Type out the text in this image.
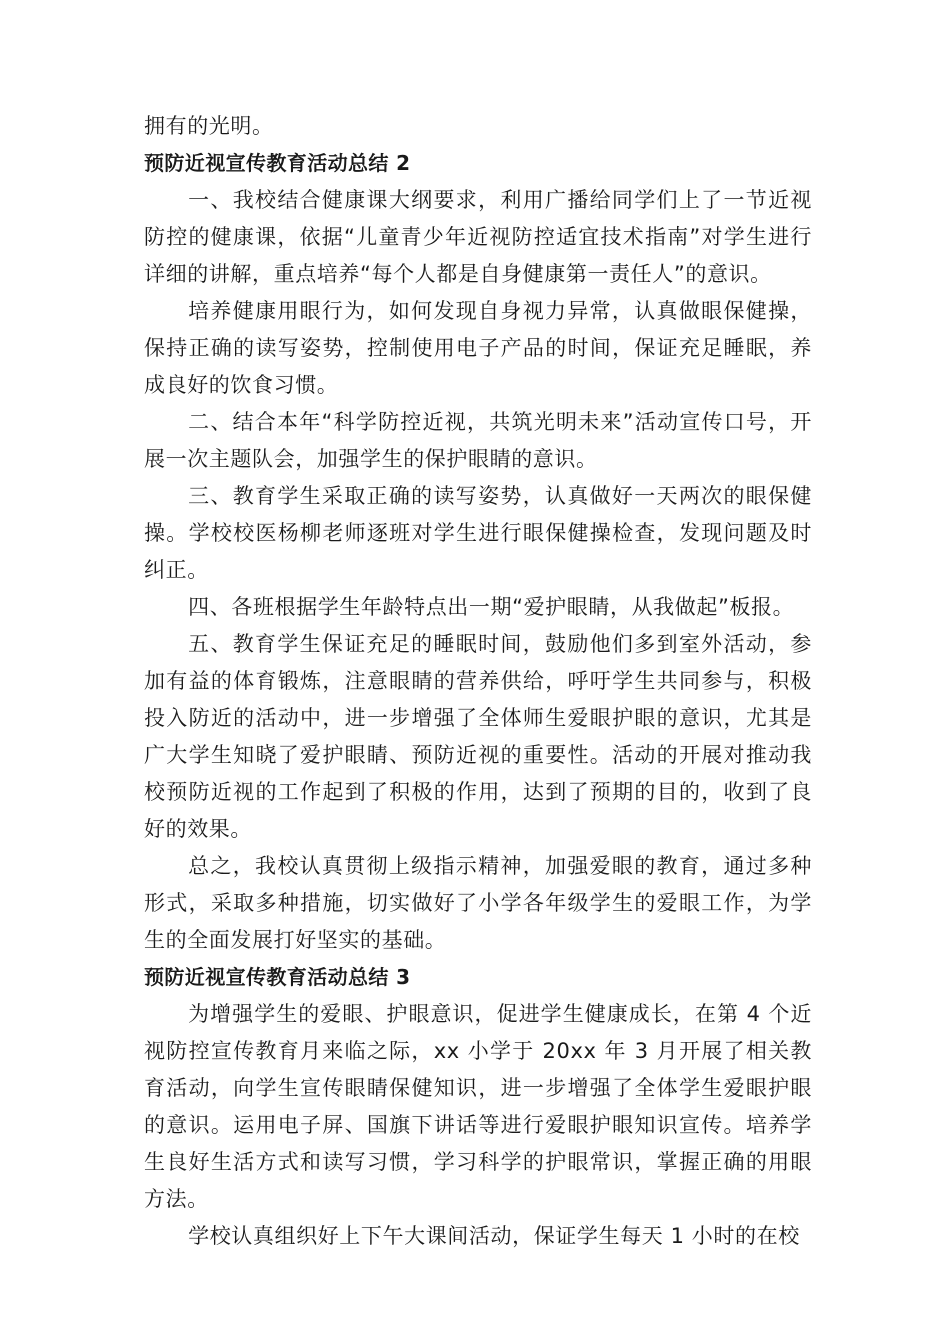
拥有的光明。

预防近视宣传教育活动总结 2

一、我校结合健康课大纲要求，利用广播给同学们上了一节近视防控的健康课，依据“儿童青少年近视防控适宜技术指南”对学生进行详细的讲解，重点培养“每个人都是自身健康第一责任人”的意识。

培养健康用眼行为，如何发现自身视力异常，认真做眼保健操，保持正确的读写姿势，控制使用电子产品的时间，保证充足睡眠，养成良好的饮食习惯。

二、结合本年“科学防控近视，共筑光明未来”活动宣传口号，开展一次主题队会，加强学生的保护眼睛的意识。

三、教育学生采取正确的读写姿势，认真做好一天两次的眼保健操。学校校医杨柳老师逐班对学生进行眼保健操检查，发现问题及时纠正。

四、各班根据学生年龄特点出一期“爱护眼睛，从我做起”板报。

五、教育学生保证充足的睡眠时间，鼓励他们多到室外活动，参加有益的体育锻炼，注意眼睛的营养供给，呼吁学生共同参与，积极投入防近的活动中，进一步增强了全体师生爱眼护眼的意识，尤其是广大学生知晓了爱护眼睛、预防近视的重要性。活动的开展对推动我校预防近视的工作起到了积极的作用，达到了预期的目的，收到了良好的效果。

总之，我校认真贯彻上级指示精神，加强爱眼的教育，通过多种形式，采取多种措施，切实做好了小学各年级学生的爱眼工作，为学生的全面发展打好坚实的基础。

预防近视宣传教育活动总结 3

为增强学生的爱眼、护眼意识，促进学生健康成长，在第 4 个近视防控宣传教育月来临之际，xx 小学于 20xx 年 3 月开展了相关教育活动，向学生宣传眼睛保健知识，进一步增强了全体学生爱眼护眼的意识。运用电子屏、国旗下讲话等进行爱眼护眼知识宣传。培养学生良好生活方式和读写习惯，学习科学的护眼常识，掌握正确的用眼方法。

学校认真组织好上下午大课间活动，保证学生每天 1 小时的在校
